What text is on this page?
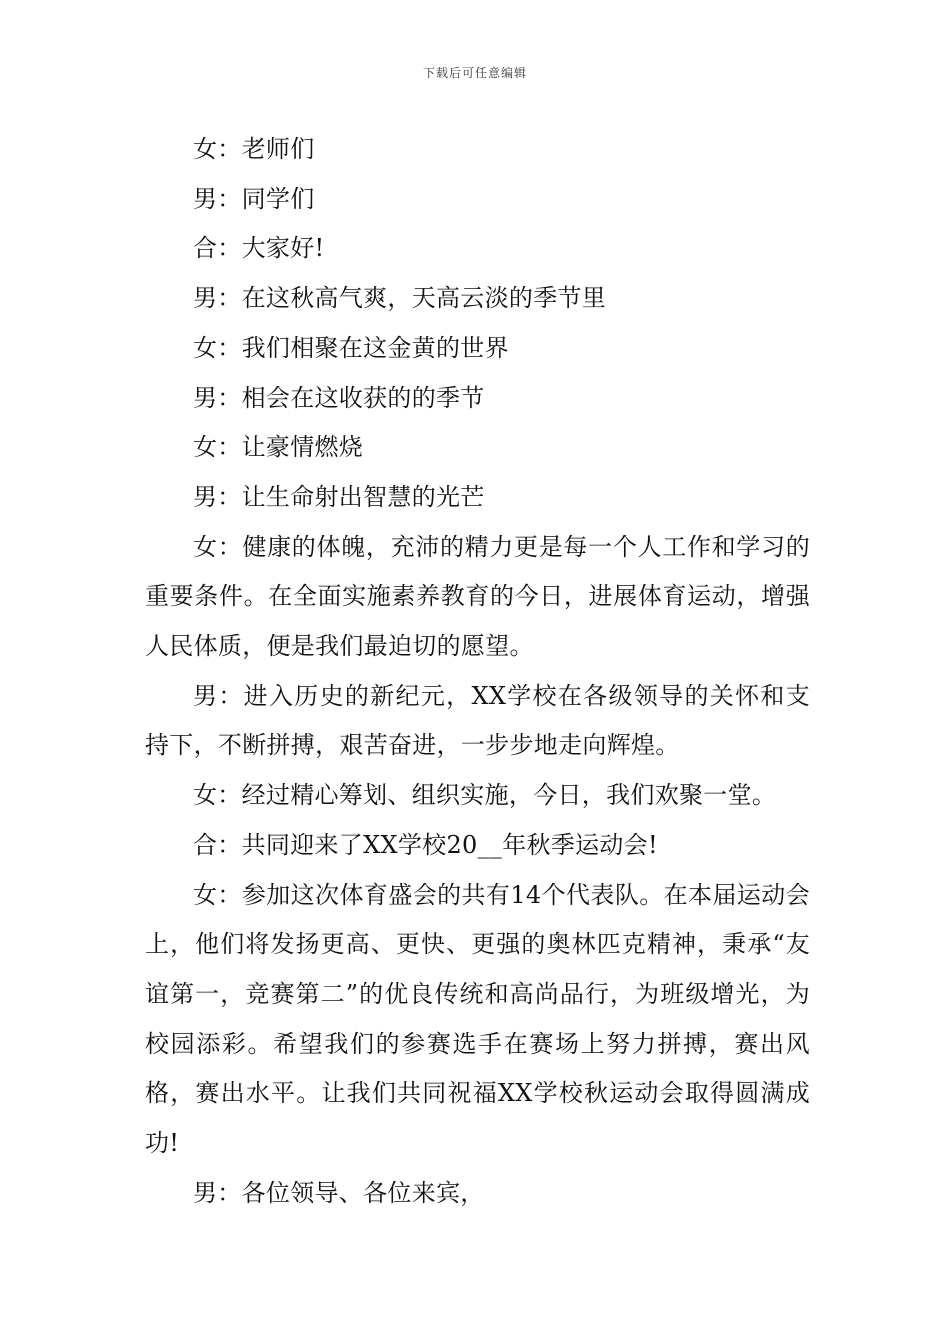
下载后可任意编辑

女：老师们

男：同学们

合：大家好!

男：在这秋高气爽，天高云淡的季节里

女：我们相聚在这金黄的世界

男：相会在这收获的的季节

女：让豪情燃烧

男：让生命射出智慧的光芒

女：健康的体魄，充沛的精力更是每一个人工作和学习的重要条件。在全面实施素养教育的今日，进展体育运动，增强人民体质，便是我们最迫切的愿望。

男：进入历史的新纪元，XX学校在各级领导的关怀和支持下，不断拼搏，艰苦奋进，一步步地走向辉煌。

女：经过精心筹划、组织实施，今日，我们欢聚一堂。

合：共同迎来了XX学校20__年秋季运动会!

女：参加这次体育盛会的共有14个代表队。在本届运动会上，他们将发扬更高、更快、更强的奥林匹克精神，秉承“友谊第一，竞赛第二”的优良传统和高尚品行，为班级增光，为校园添彩。希望我们的参赛选手在赛场上努力拼搏，赛出风格，赛出水平。让我们共同祝福XX学校秋运动会取得圆满成功!

男：各位领导、各位来宾，
